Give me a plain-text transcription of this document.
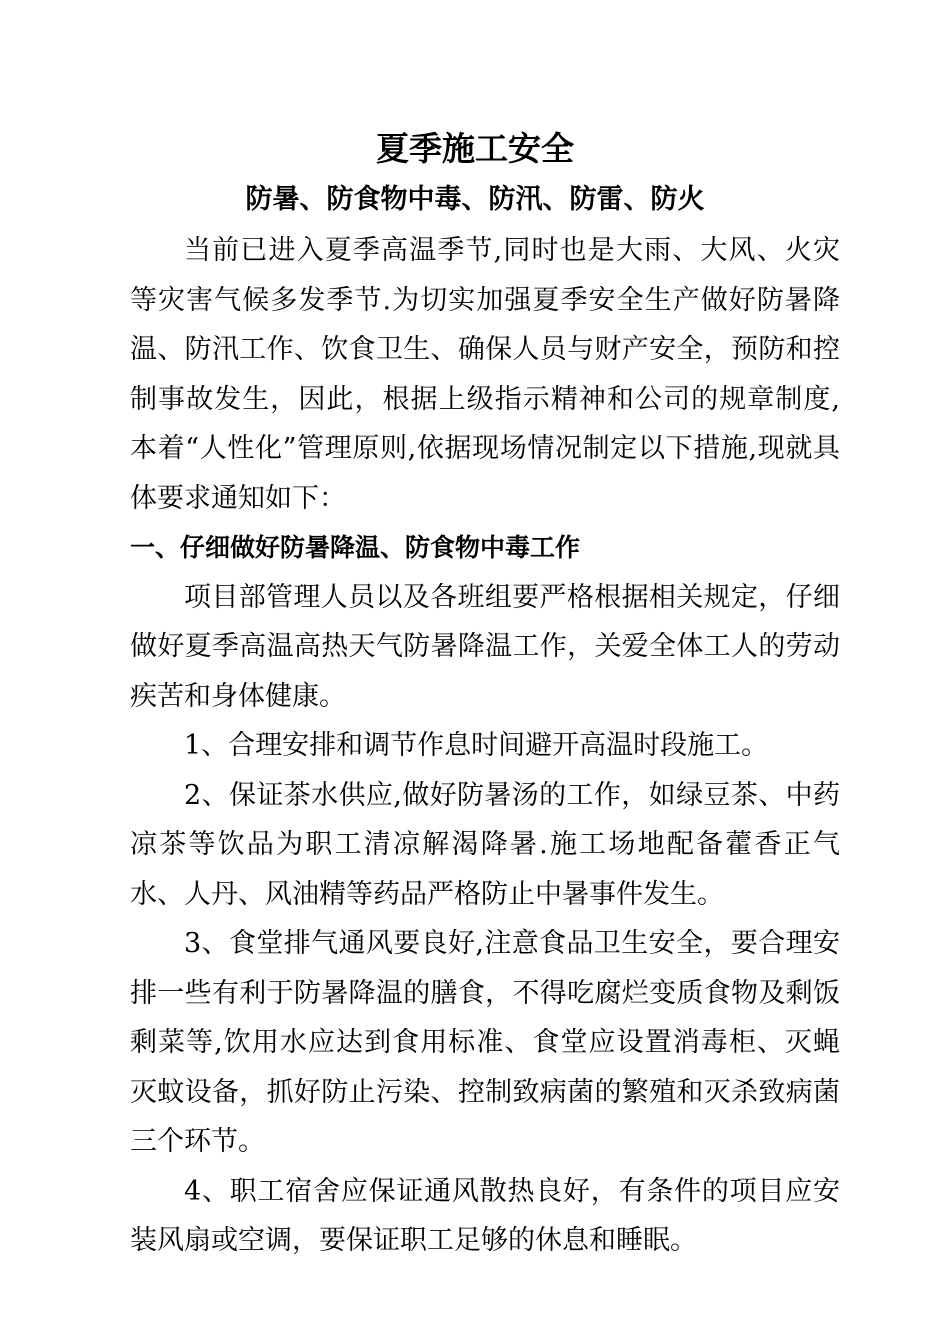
夏季施工安全
防暑、防食物中毒、防汛、防雷、防火

当前已进入夏季高温季节,同时也是大雨、大风、火灾等灾害气候多发季节.为切实加强夏季安全生产做好防暑降温、防汛工作、饮食卫生、确保人员与财产安全，预防和控制事故发生，因此，根据上级指示精神和公司的规章制度,本着“人性化”管理原则,依据现场情况制定以下措施,现就具体要求通知如下：

一、仔细做好防暑降温、防食物中毒工作

项目部管理人员以及各班组要严格根据相关规定，仔细做好夏季高温高热天气防暑降温工作，关爱全体工人的劳动疾苦和身体健康。

1、合理安排和调节作息时间避开高温时段施工。

2、保证茶水供应,做好防暑汤的工作，如绿豆茶、中药凉茶等饮品为职工清凉解渴降暑.施工场地配备藿香正气水、人丹、风油精等药品严格防止中暑事件发生。

3、食堂排气通风要良好,注意食品卫生安全，要合理安排一些有利于防暑降温的膳食，不得吃腐烂变质食物及剩饭剩菜等,饮用水应达到食用标准、食堂应设置消毒柜、灭蝇灭蚊设备，抓好防止污染、控制致病菌的繁殖和灭杀致病菌三个环节。

4、职工宿舍应保证通风散热良好，有条件的项目应安装风扇或空调，要保证职工足够的休息和睡眠。
